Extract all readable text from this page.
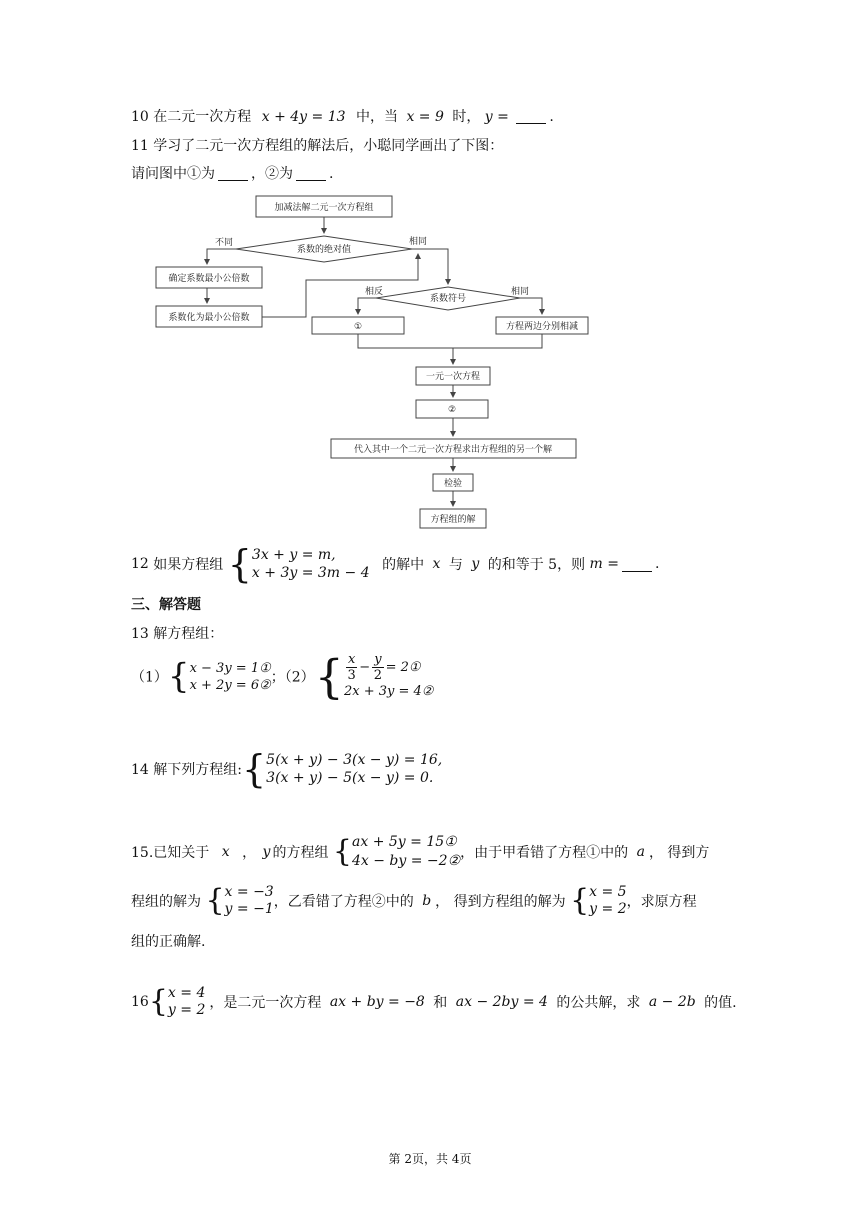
10 在二元一次方程 x + 4y = 13 中，当 x = 9 时， y =	.
11 学习了二元一次方程组的解法后，小聪同学画出了下图：
请问图中①为	，②为	.
加减法解二元一次方程组
系数的绝对值
不同	相同
确定系数最小公倍数
系数化为最小公倍数
系数符号
相反	相同
①	方程两边分别相减
一元一次方程
②
代入其中一个二元一次方程求出方程组的另一个解
检验
方程组的解
12 如果方程组 {3x + y = m,
x + 3y = 3m − 4 的解中 x 与 y 的和等于 5，则 m =	.
三、解答题
13 解方程组：
（1）{x − 3y = 1①
x + 2y = 6②；$(2)\{ \frac{x}{3} - \frac{y}{2}$ = 2①
2x + 3y = 4②
14 解下列方程组:{5(x + y) − 3(x − y) = 16,
3(x + y) − 5(x − y) = 0.
15.已知关于 x ， y 的方程组 {ax + 5y = 15①
4x − by = −2②，由于甲看错了方程①中的 a ， 得到方
程组的解为 {x = −3
y = −1，乙看错了方程②中的 b ， 得到方程组的解为 {x = 5
y = 2，求原方程
组的正确解.
16{x = 4
y = 2 ，是二元一次方程 ax + by = −8 和 ax − 2by = 4 的公共解，求 a − 2b 的值.
第 2页，共 4页
